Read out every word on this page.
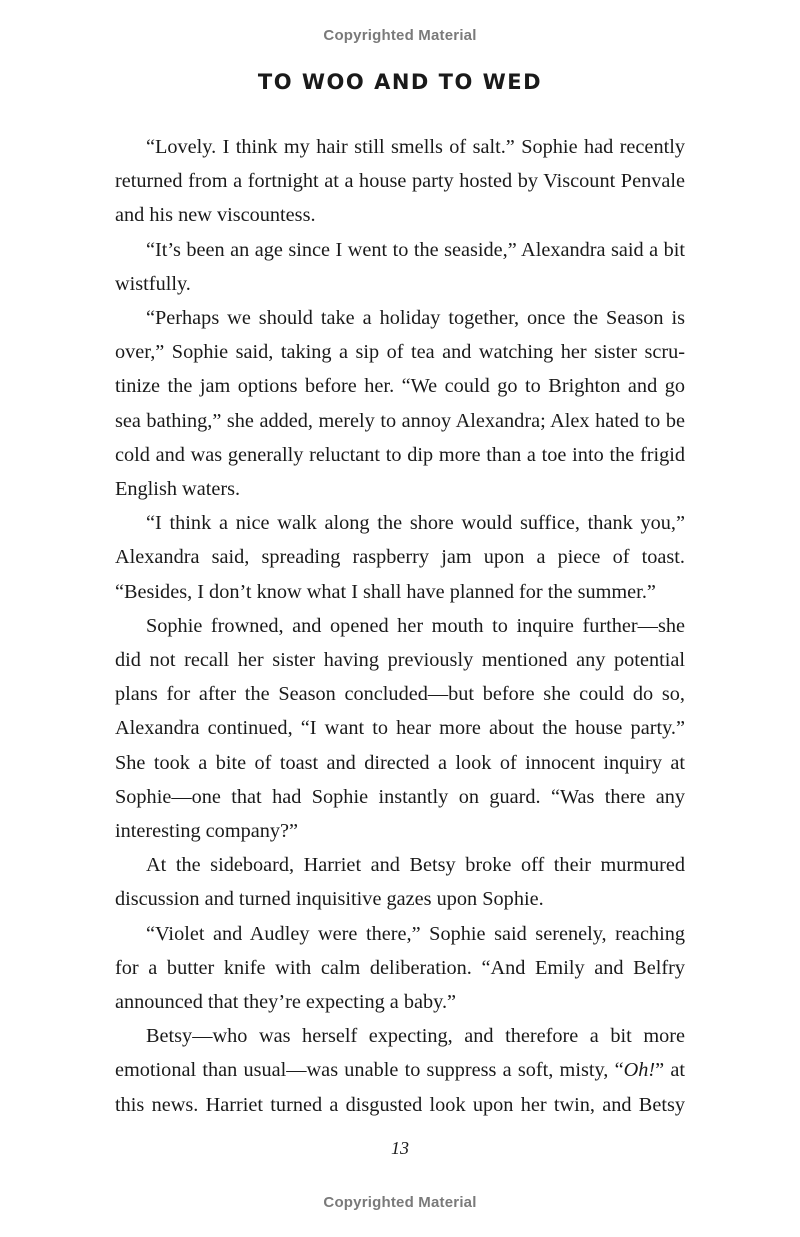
Copyrighted Material
TO WOO AND TO WED

“Lovely. I think my hair still smells of salt.” Sophie had recently returned from a fortnight at a house party hosted by Viscount Penvale and his new viscountess.

“It’s been an age since I went to the seaside,” Alexandra said a bit wistfully.

“Perhaps we should take a holiday together, once the Season is over,” Sophie said, taking a sip of tea and watching her sister scrutinize the jam options before her. “We could go to Brighton and go sea bathing,” she added, merely to annoy Alexandra; Alex hated to be cold and was generally reluctant to dip more than a toe into the frigid English waters.

“I think a nice walk along the shore would suffice, thank you,” Alexandra said, spreading raspberry jam upon a piece of toast. “Besides, I don’t know what I shall have planned for the summer.”

Sophie frowned, and opened her mouth to inquire further—she did not recall her sister having previously mentioned any potential plans for after the Season concluded—but before she could do so, Alexandra continued, “I want to hear more about the house party.” She took a bite of toast and directed a look of innocent inquiry at Sophie—one that had Sophie instantly on guard. “Was there any interesting company?”

At the sideboard, Harriet and Betsy broke off their murmured discussion and turned inquisitive gazes upon Sophie.

“Violet and Audley were there,” Sophie said serenely, reaching for a butter knife with calm deliberation. “And Emily and Belfry announced that they’re expecting a baby.”

Betsy—who was herself expecting, and therefore a bit more emotional than usual—was unable to suppress a soft, misty, “Oh!” at this news. Harriet turned a disgusted look upon her twin, and Betsy

13
Copyrighted Material
